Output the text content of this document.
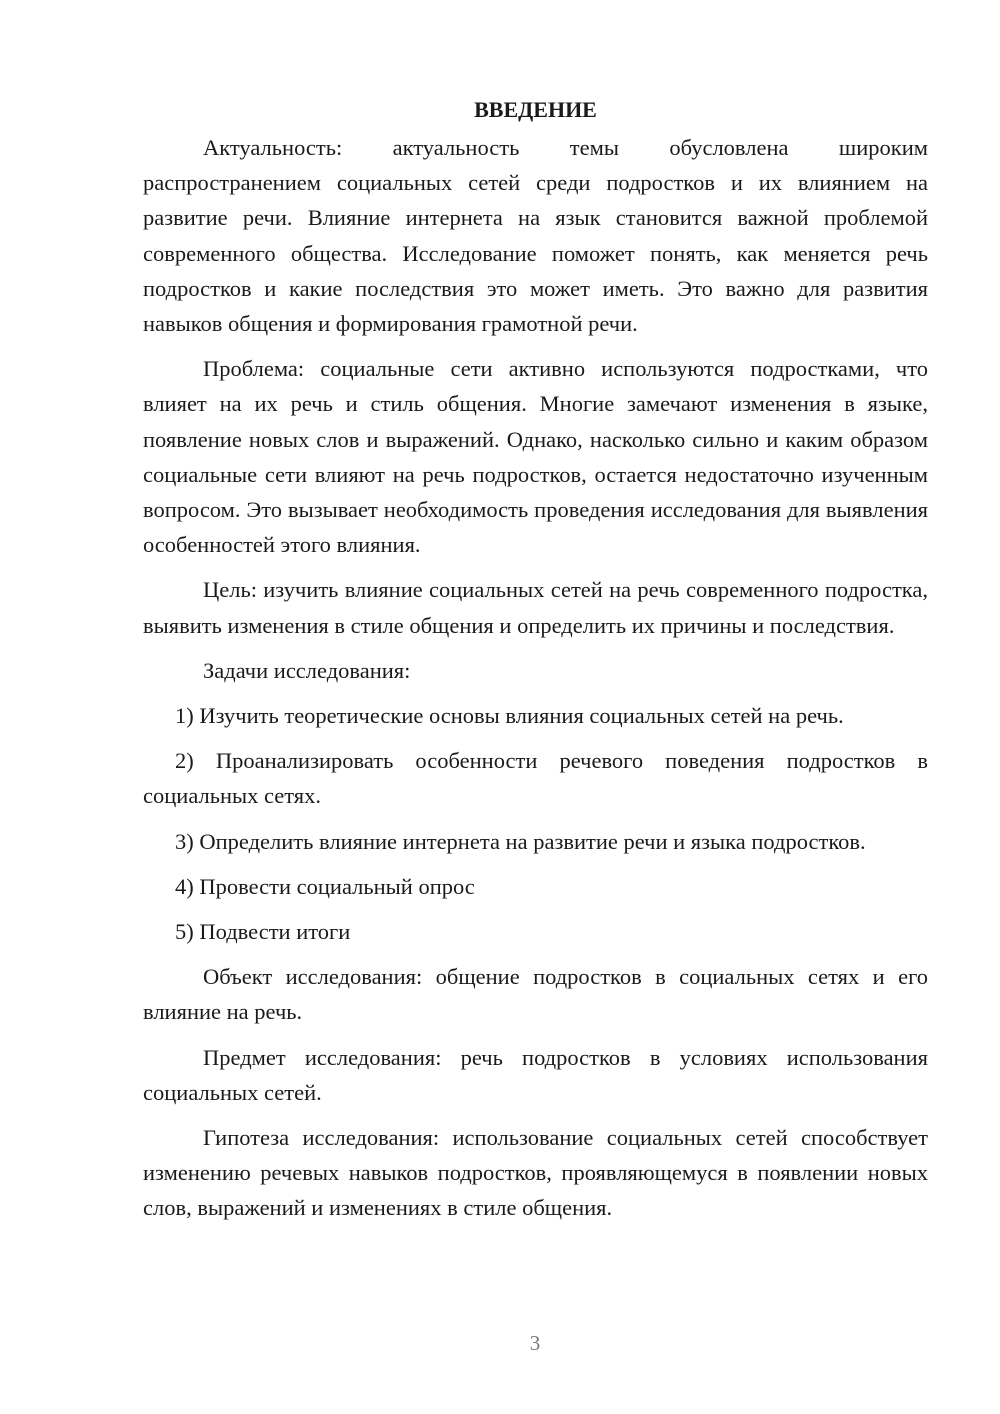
ВВЕДЕНИЕ

Актуальность: актуальность темы обусловлена широким распространением социальных сетей среди подростков и их влиянием на развитие речи. Влияние интернета на язык становится важной проблемой современного общества. Исследование поможет понять, как меняется речь подростков и какие последствия это может иметь. Это важно для развития навыков общения и формирования грамотной речи.

Проблема: социальные сети активно используются подростками, что влияет на их речь и стиль общения. Многие замечают изменения в языке, появление новых слов и выражений. Однако, насколько сильно и каким образом социальные сети влияют на речь подростков, остается недостаточно изученным вопросом. Это вызывает необходимость проведения исследования для выявления особенностей этого влияния.

Цель: изучить влияние социальных сетей на речь современного подростка, выявить изменения в стиле общения и определить их причины и последствия.

Задачи исследования:

1) Изучить теоретические основы влияния социальных сетей на речь.

2) Проанализировать особенности речевого поведения подростков в социальных сетях.

3) Определить влияние интернета на развитие речи и языка подростков.

4) Провести социальный опрос

5) Подвести итоги

Объект исследования: общение подростков в социальных сетях и его влияние на речь.

Предмет исследования: речь подростков в условиях использования социальных сетей.

Гипотеза исследования: использование социальных сетей способствует изменению речевых навыков подростков, проявляющемуся в появлении новых слов, выражений и изменениях в стиле общения.

3
